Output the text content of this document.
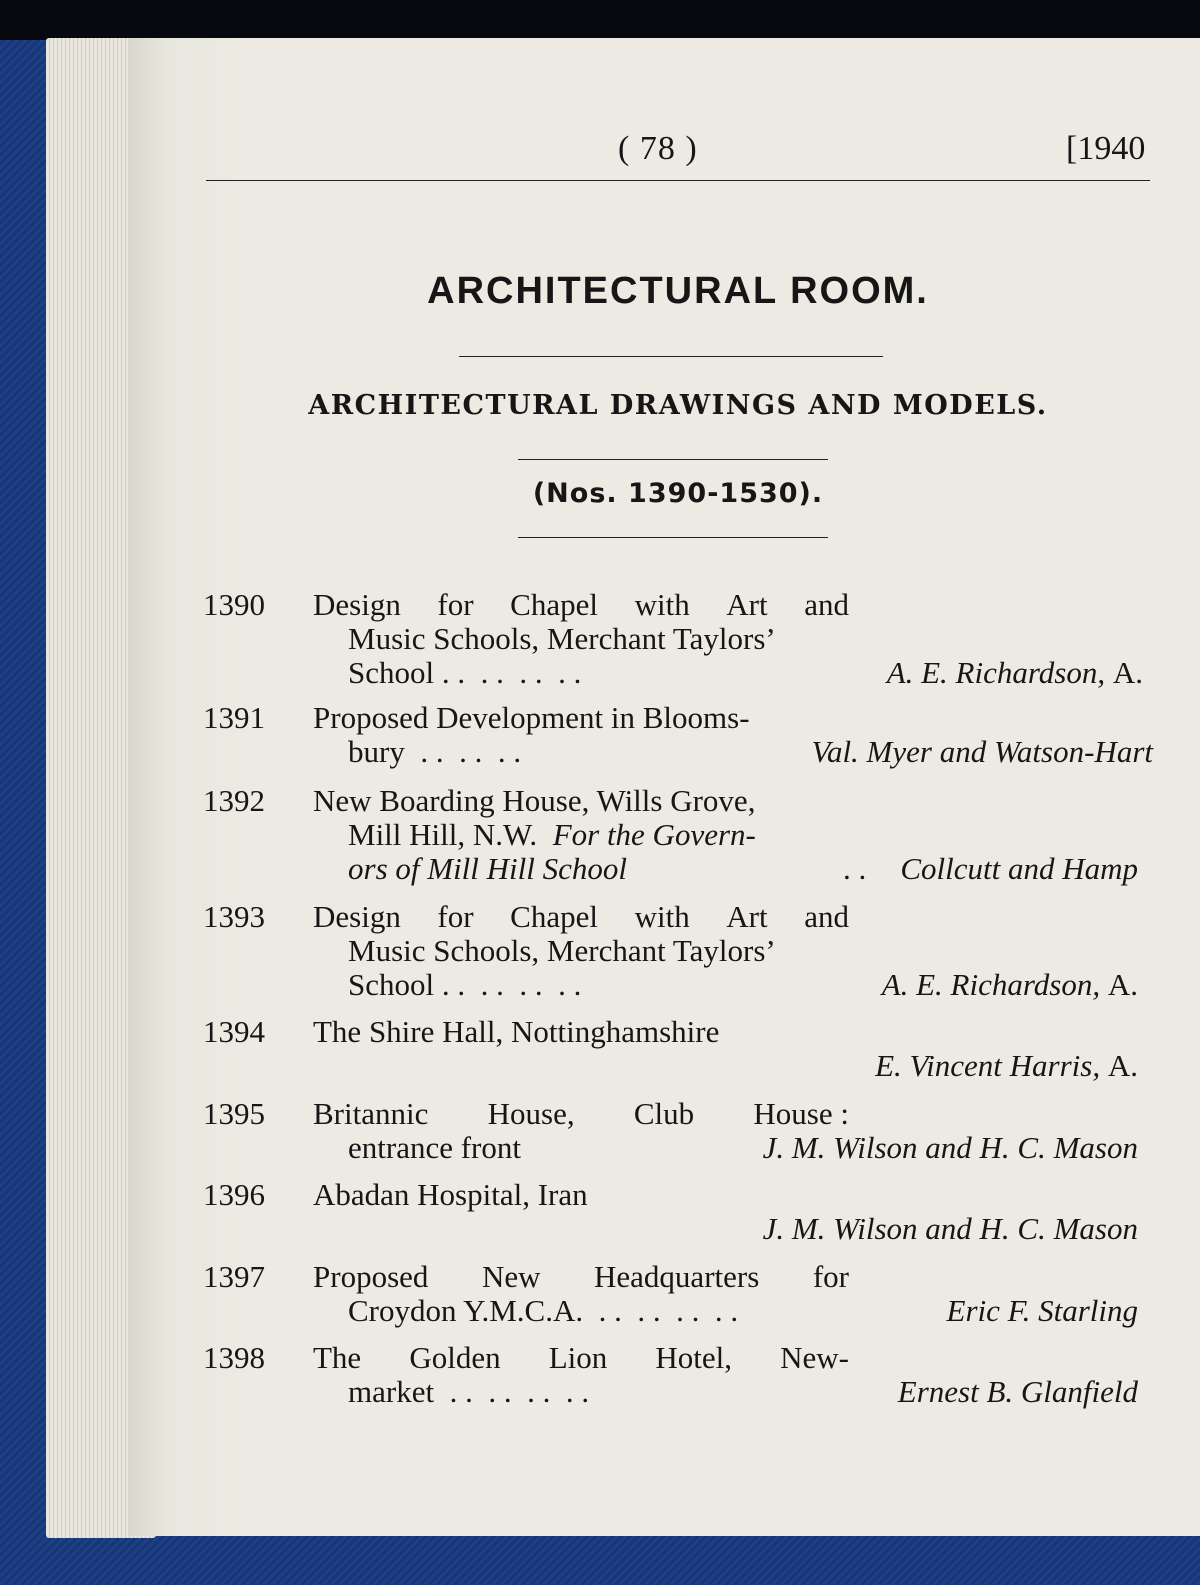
( 78 )	[1940
ARCHITECTURAL ROOM.
ARCHITECTURAL DRAWINGS AND MODELS.
(Nos. 1390-1530).
1390 Design for Chapel with Art and
Music Schools, Merchant Taylors’
School . .  . .  . .  . .	A. E. Richardson, A.
1391 Proposed Development in Blooms-
bury  . .  . .  . .	Val. Myer and Watson-Hart
1392 New Boarding House, Wills Grove,
Mill Hill, N.W. For the Govern-
ors of Mill Hill School	. . Collcutt and Hamp
1393 Design for Chapel with Art and
Music Schools, Merchant Taylors’
School . .  . .  . .  . .	A. E. Richardson, A.
1394 The Shire Hall, Nottinghamshire
E. Vincent Harris, A.
1395 Britannic House, Club House :
entrance front	J. M. Wilson and H. C. Mason
1396 Abadan Hospital, Iran
J. M. Wilson and H. C. Mason
1397 Proposed New Headquarters for
Croydon Y.M.C.A.  . .  . .  . .  . .	Eric F. Starling
1398 The Golden Lion Hotel, New-
market  . .  . .  . .  . .	Ernest B. Glanfield
